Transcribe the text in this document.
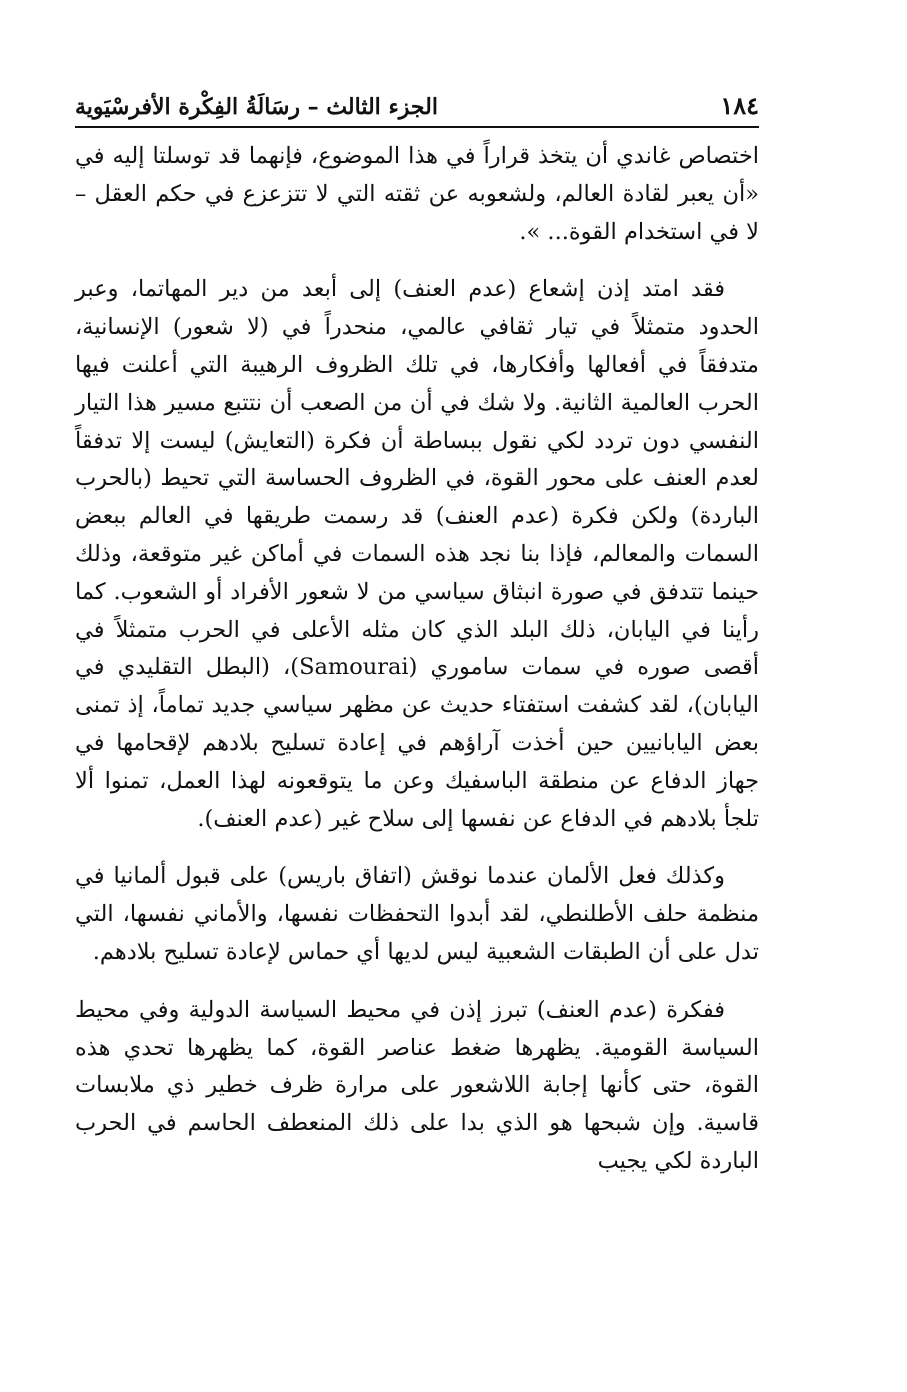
١٨٤
الجزء الثالث – رسَالَةُ الفِكْرة الأفرسْيَوية

اختصاص غاندي أن يتخذ قراراً في هذا الموضوع، فإنهما قد توسلتا إليه في «أن يعبر لقادة العالم، ولشعوبه عن ثقته التي لا تتزعزع في حكم العقل – لا في استخدام القوة... ».

فقد امتد إذن إشعاع (عدم العنف) إلى أبعد من دير المهاتما، وعبر الحدود متمثلاً في تيار ثقافي عالمي، منحدراً في (لا شعور) الإنسانية، متدفقاً في أفعالها وأفكارها، في تلك الظروف الرهيبة التي أعلنت فيها الحرب العالمية الثانية. ولا شك في أن من الصعب أن نتتبع مسير هذا التيار النفسي دون تردد لكي نقول ببساطة أن فكرة (التعايش) ليست إلا تدفقاً لعدم العنف على محور القوة، في الظروف الحساسة التي تحيط (بالحرب الباردة) ولكن فكرة (عدم العنف) قد رسمت طريقها في العالم ببعض السمات والمعالم، فإذا بنا نجد هذه السمات في أماكن غير متوقعة، وذلك حينما تتدفق في صورة انبثاق سياسي من لا شعور الأفراد أو الشعوب. كما رأينا في اليابان، ذلك البلد الذي كان مثله الأعلى في الحرب متمثلاً في أقصى صوره في سمات ساموري (Samourai)، (البطل التقليدي في اليابان)، لقد كشفت استفتاء حديث عن مظهر سياسي جديد تماماً، إذ تمنى بعض اليابانيين حين أخذت آراؤهم في إعادة تسليح بلادهم لإقحامها في جهاز الدفاع عن منطقة الباسفيك وعن ما يتوقعونه لهذا العمل، تمنوا ألا تلجأ بلادهم في الدفاع عن نفسها إلى سلاح غير (عدم العنف).

وكذلك فعل الألمان عندما نوقش (اتفاق باريس) على قبول ألمانيا في منظمة حلف الأطلنطي، لقد أبدوا التحفظات نفسها، والأماني نفسها، التي تدل على أن الطبقات الشعبية ليس لديها أي حماس لإعادة تسليح بلادهم.

ففكرة (عدم العنف) تبرز إذن في محيط السياسة الدولية وفي محيط السياسة القومية. يظهرها ضغط عناصر القوة، كما يظهرها تحدي هذه القوة، حتى كأنها إجابة اللاشعور على مرارة ظرف خطير ذي ملابسات قاسية. وإن شبحها هو الذي بدا على ذلك المنعطف الحاسم في الحرب الباردة لكي يجيب
